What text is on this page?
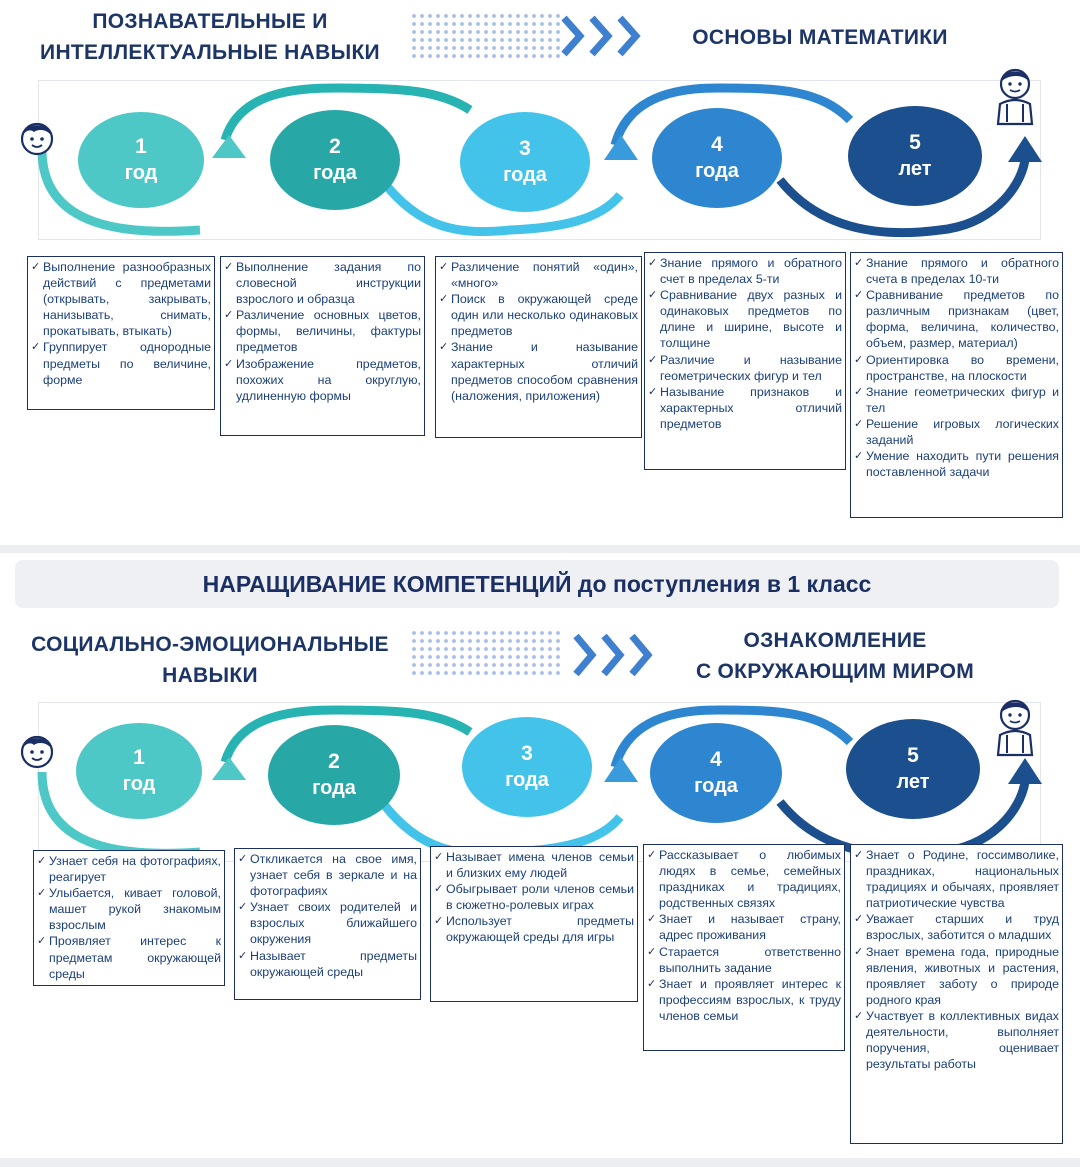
ПОЗНАВАТЕЛЬНЫЕ И
ИНТЕЛЛЕКТУАЛЬНЫЕ НАВЫКИ
ОСНОВЫ МАТЕМАТИКИ
1
год
2
года
3
года
4
года
5
лет
✓ Выполнение разнообразных действий с предметами (открывать, закрывать, нанизывать, снимать, прокатывать, втыкать)
✓ Группирует однородные предметы по величине, форме
✓ Выполнение задания по словесной инструкции взрослого и образца
✓ Различение основных цветов, формы, величины, фактуры предметов
✓ Изображение предметов, похожих на округлую, удлиненную формы
✓ Различение понятий «один», «много»
✓ Поиск в окружающей среде один или несколько одинаковых предметов
✓ Знание и называние характерных отличий предметов способом сравнения (наложения, приложения)
✓ Знание прямого и обратного счет в пределах 5-ти
✓ Сравнивание двух разных и одинаковых предметов по длине и ширине, высоте и толщине
✓ Различие и называние геометрических фигур и тел
✓ Называние признаков и характерных отличий предметов
✓ Знание прямого и обратного счета в пределах 10-ти
✓ Сравнивание предметов по различным признакам (цвет, форма, величина, количество, объем, размер, материал)
✓ Ориентировка во времени, пространстве, на плоскости
✓ Знание геометрических фигур и тел
✓ Решение игровых логических заданий
✓ Умение находить пути решения поставленной задачи
НАРАЩИВАНИЕ КОМПЕТЕНЦИЙ до поступления в 1 класс
СОЦИАЛЬНО-ЭМОЦИОНАЛЬНЫЕ
НАВЫКИ
ОЗНАКОМЛЕНИЕ
С ОКРУЖАЮЩИМ МИРОМ
1
год
2
года
3
года
4
года
5
лет
✓ Узнает себя на фотографиях, реагирует
✓ Улыбается, кивает головой, машет рукой знакомым взрослым
✓ Проявляет интерес к предметам окружающей среды
✓ Откликается на свое имя, узнает себя в зеркале и на фотографиях
✓ Узнает своих родителей и взрослых ближайшего окружения
✓ Называет предметы окружающей среды
✓ Называет имена членов семьи и близких ему людей
✓ Обыгрывает роли членов семьи в сюжетно-ролевых играх
✓ Использует предметы окружающей среды для игры
✓ Рассказывает о любимых людях в семье, семейных праздниках и традициях, родственных связях
✓ Знает и называет страну, адрес проживания
✓ Старается ответственно выполнить задание
✓ Знает и проявляет интерес к профессиям взрослых, к труду членов семьи
✓ Знает о Родине, госсимволике, праздниках, национальных традициях и обычаях, проявляет патриотические чувства
✓ Уважает старших и труд взрослых, заботится о младших
✓ Знает времена года, природные явления, животных и растения, проявляет заботу о природе родного края
✓ Участвует в коллективных видах деятельности, выполняет поручения, оценивает результаты работы
